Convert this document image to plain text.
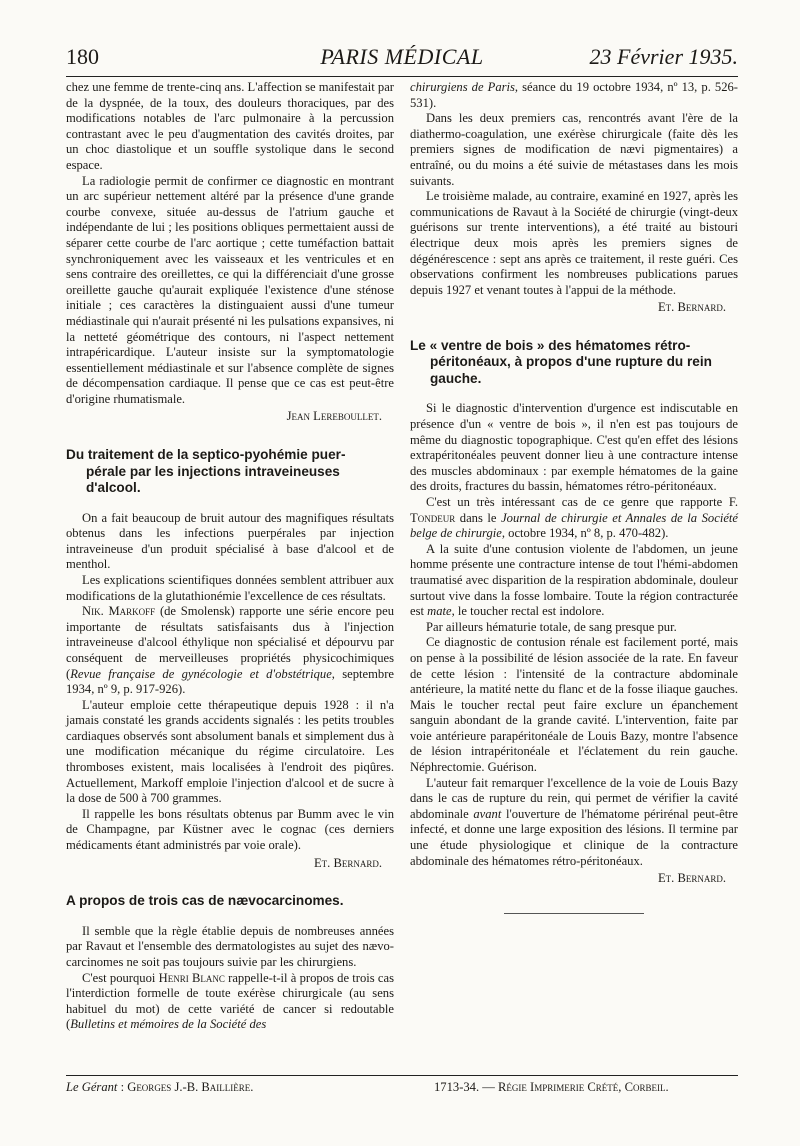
180	PARIS MÉDICAL	23 Février 1935.

chez une femme de trente-cinq ans. L'affection se manifestait par de la dyspnée, de la toux, des douleurs thoraciques, par des modifications notables de l'arc pulmonaire à la percussion contrastant avec le peu d'augmentation des cavités droites, par un choc diastolique et un souffle systolique dans le second espace.

La radiologie permit de confirmer ce diagnostic en montrant un arc supérieur nettement altéré par la présence d'une grande courbe convexe, située au-dessus de l'atrium gauche et indépendante de lui ; les positions obliques permettaient aussi de séparer cette courbe de l'arc aortique ; cette tuméfaction battait synchroniquement avec les vaisseaux et les ventricules et en sens contraire des oreillettes, ce qui la différenciait d'une grosse oreillette gauche qu'aurait expliquée l'existence d'une sténose initiale ; ces caractères la distinguaient aussi d'une tumeur médiastinale qui n'aurait présenté ni les pulsations expansives, ni la netteté géométrique des contours, ni l'aspect nettement intrapéricardique. L'auteur insiste sur la symptomatologie essentiellement médiastinale et sur l'absence complète de signes de décompensation cardiaque. Il pense que ce cas est peut-être d'origine rhumatismale.

Jean Lereboullet.

Du traitement de la septico-pyohémie puer-
pérale par les injections intraveineuses
d'alcool.

On a fait beaucoup de bruit autour des magnifiques résultats obtenus dans les infections puerpérales par injection intraveineuse d'un produit spécialisé à base d'alcool et de menthol.

Les explications scientifiques données semblent attribuer aux modifications de la glutathionémie l'excellence de ces résultats.

Nik. Markoff (de Smolensk) rapporte une série encore peu importante de résultats satisfaisants dus à l'injection intraveineuse d'alcool éthylique non spécialisé et dépourvu par conséquent de merveilleuses propriétés physicochimiques (Revue française de gynécologie et d'obstétrique, septembre 1934, nº 9, p. 917-926).

L'auteur emploie cette thérapeutique depuis 1928 : il n'a jamais constaté les grands accidents signalés : les petits troubles cardiaques observés sont absolument banals et simplement dus à une modification mécanique du régime circulatoire. Les thromboses existent, mais localisées à l'endroit des piqûres. Actuellement, Markoff emploie l'injection d'alcool et de sucre à la dose de 500 à 700 grammes.

Il rappelle les bons résultats obtenus par Bumm avec le vin de Champagne, par Küstner avec le cognac (ces derniers médicaments étant administrés par voie orale).

Et. Bernard.

A propos de trois cas de nævocarcinomes.

Il semble que la règle établie depuis de nombreuses années par Ravaut et l'ensemble des dermatologistes au sujet des nævo-carcinomes ne soit pas toujours suivie par les chirurgiens.

C'est pourquoi Henri Blanc rappelle-t-il à propos de trois cas l'interdiction formelle de toute exérèse chirurgicale (au sens habituel du mot) de cette variété de cancer si redoutable (Bulletins et mémoires de la Société des

chirurgiens de Paris, séance du 19 octobre 1934, nº 13, p. 526-531).

Dans les deux premiers cas, rencontrés avant l'ère de la diathermo-coagulation, une exérèse chirurgicale (faite dès les premiers signes de modification de nævi pigmentaires) a entraîné, ou du moins a été suivie de métastases dans les mois suivants.

Le troisième malade, au contraire, examiné en 1927, après les communications de Ravaut à la Société de chirurgie (vingt-deux guérisons sur trente interventions), a été traité au bistouri électrique deux mois après les premiers signes de dégénérescence : sept ans après ce traitement, il reste guéri. Ces observations confirment les nombreuses publications parues depuis 1927 et venant toutes à l'appui de la méthode.

Et. Bernard.

Le « ventre de bois » des hématomes rétro-
péritonéaux, à propos d'une rupture du rein
gauche.

Si le diagnostic d'intervention d'urgence est indiscutable en présence d'un « ventre de bois », il n'en est pas toujours de même du diagnostic topographique. C'est qu'en effet des lésions extrapéritonéales peuvent donner lieu à une contracture intense des muscles abdominaux : par exemple hématomes de la gaine des droits, fractures du bassin, hématomes rétro-péritonéaux.

C'est un très intéressant cas de ce genre que rapporte F. Tondeur dans le Journal de chirurgie et Annales de la Société belge de chirurgie, octobre 1934, nº 8, p. 470-482).

A la suite d'une contusion violente de l'abdomen, un jeune homme présente une contracture intense de tout l'hémi-abdomen traumatisé avec disparition de la respiration abdominale, douleur surtout vive dans la fosse lombaire. Toute la région contracturée est mate, le toucher rectal est indolore.

Par ailleurs hématurie totale, de sang presque pur.

Ce diagnostic de contusion rénale est facilement porté, mais on pense à la possibilité de lésion associée de la rate. En faveur de cette lésion : l'intensité de la contracture abdominale antérieure, la matité nette du flanc et de la fosse iliaque gauches. Mais le toucher rectal peut faire exclure un épanchement sanguin abondant de la grande cavité. L'intervention, faite par voie antérieure parapéritonéale de Louis Bazy, montre l'absence de lésion intrapéritonéale et l'éclatement du rein gauche. Néphrectomie. Guérison.

L'auteur fait remarquer l'excellence de la voie de Louis Bazy dans le cas de rupture du rein, qui permet de vérifier la cavité abdominale avant l'ouverture de l'hématome périrénal peut-être infecté, et donne une large exposition des lésions. Il termine par une étude physiologique et clinique de la contracture abdominale des hématomes rétro-péritonéaux.

Et. Bernard.

Le Gérant : Georges J.-B. Baillière.	1713-34. — Régie Imprimerie Crété, Corbeil.
